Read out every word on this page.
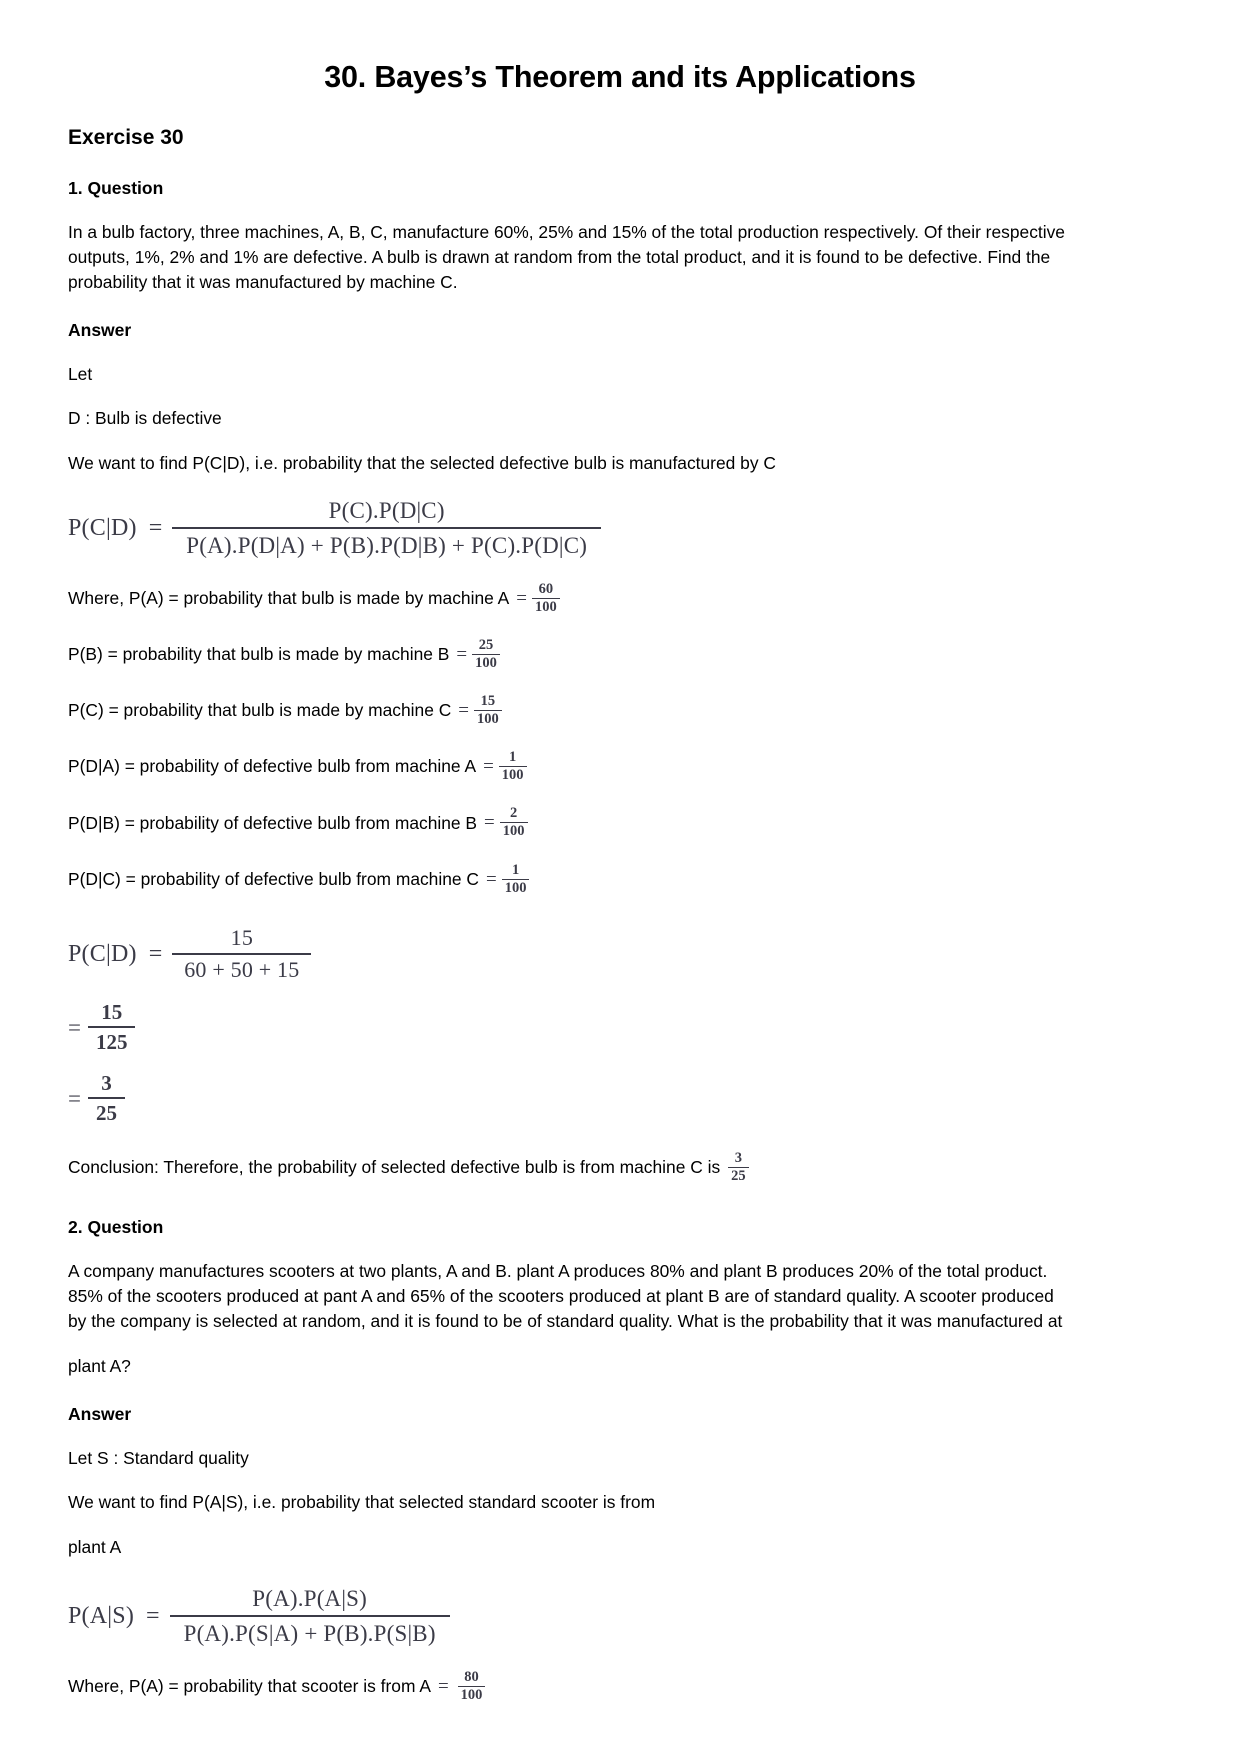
30. Bayes’s Theorem and its Applications
Exercise 30
1. Question

In a bulb factory, three machines, A, B, C, manufacture 60%, 25% and 15% of the total production respectively. Of their respective outputs, 1%, 2% and 1% are defective. A bulb is drawn at random from the total product, and it is found to be defective. Find the probability that it was manufactured by machine C.

Answer

Let

D : Bulb is defective

We want to find P(C|D), i.e. probability that the selected defective bulb is manufactured by C

$P(C|D) = \frac{P(C).P(D|C)}{P(A).P(D|A) + P(B).P(D|B) + P(C).P(D|C)}$
Where, P(A) = probability that bulb is made by machine $A = \frac{60}{100}$
P(B) = probability that bulb is made by machine $B = \frac{25}{100}$
P(C) = probability that bulb is made by machine $C = \frac{15}{100}$
P(D|A) = probability of defective bulb from machine $A = \frac{1}{100}$
P(D|B) = probability of defective bulb from machine $B = \frac{2}{100}$
P(D|C) = probability of defective bulb from machine $C = \frac{1}{100}$
$P(C|D) = \frac{15}{60 + 50 + 15}$
= $\frac{15}{125}$
= $\frac{3}{25}$
Conclusion: Therefore, the probability of selected defective bulb is from machine C is $\frac{3}{25}$
2. Question

A company manufactures scooters at two plants, A and B. plant A produces 80% and plant B produces 20% of the total product. 85% of the scooters produced at pant A and 65% of the scooters produced at plant B are of standard quality. A scooter produced by the company is selected at random, and it is found to be of standard quality. What is the probability that it was manufactured at

plant A?

Answer

Let S : Standard quality

We want to find P(A|S), i.e. probability that selected standard scooter is from

plant A

$P(A|S) = \frac{P(A).P(A|S)}{P(A).P(S|A) + P(B).P(S|B)}$
Where, P(A) = probability that scooter is from $A = \frac{80}{100}$
